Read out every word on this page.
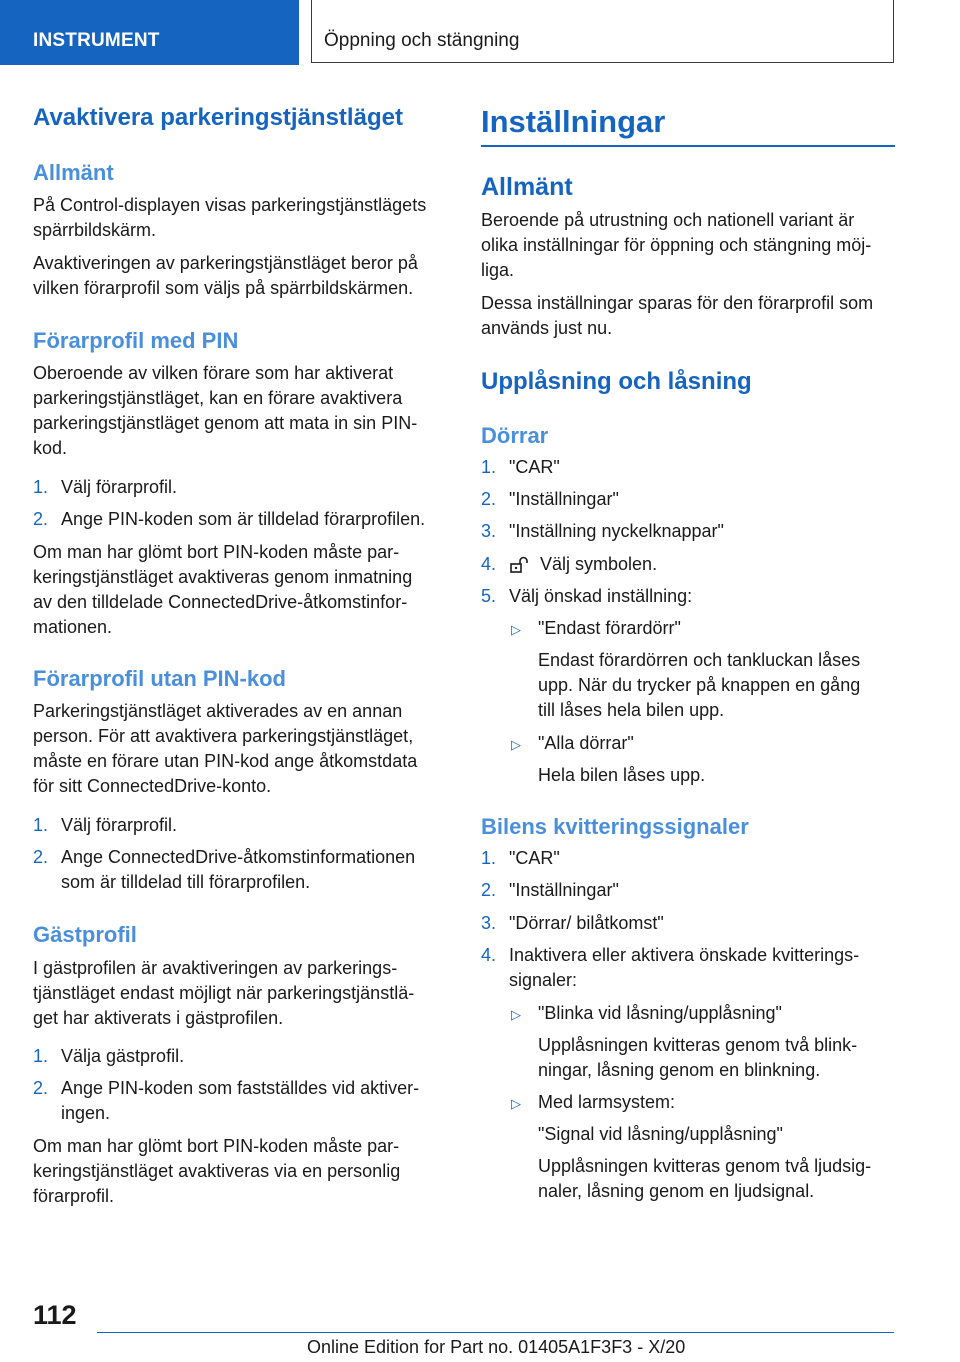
INSTRUMENT	Öppning och stängning
Avaktivera parkeringstjänstläget
Allmänt
På Control-displayen visas parkeringstjänstlägets
spärrbildskärm.
Avaktiveringen av parkeringstjänstläget beror på
vilken förarprofil som väljs på spärrbildskärmen.
Förarprofil med PIN
Oberoende av vilken förare som har aktiverat
parkeringstjänstläget, kan en förare avaktivera
parkeringstjänstläget genom att mata in sin PIN-
kod.
1. Välj förarprofil.
2. Ange PIN-koden som är tilldelad förarprofilen.
Om man har glömt bort PIN-koden måste par-
keringstjänstläget avaktiveras genom inmatning
av den tilldelade ConnectedDrive-åtkomstinfor-
mationen.
Förarprofil utan PIN-kod
Parkeringstjänstläget aktiverades av en annan
person. För att avaktivera parkeringstjänstläget,
måste en förare utan PIN-kod ange åtkomstdata
för sitt ConnectedDrive-konto.
1. Välj förarprofil.
2. Ange ConnectedDrive-åtkomstinformationen
som är tilldelad till förarprofilen.
Gästprofil
I gästprofilen är avaktiveringen av parkerings-
tjänstläget endast möjligt när parkeringstjänstlä-
get har aktiverats i gästprofilen.
1. Välja gästprofil.
2. Ange PIN-koden som fastställdes vid aktiver-
ingen.
Om man har glömt bort PIN-koden måste par-
keringstjänstläget avaktiveras via en personlig
förarprofil.
Inställningar
Allmänt
Beroende på utrustning och nationell variant är
olika inställningar för öppning och stängning möj-
liga.
Dessa inställningar sparas för den förarprofil som
används just nu.
Upplåsning och låsning
Dörrar
1. "CAR"
2. "Inställningar"
3. "Inställning nyckelknappar"
4.	Välj symbolen.
5. Välj önskad inställning:
▷ "Endast förardörr"
Endast förardörren och tankluckan låses
upp. När du trycker på knappen en gång
till låses hela bilen upp.
▷ "Alla dörrar"
Hela bilen låses upp.
Bilens kvitteringssignaler
1. "CAR"
2. "Inställningar"
3. "Dörrar/ bilåtkomst"
4. Inaktivera eller aktivera önskade kvitterings-
signaler:
▷ "Blinka vid låsning/upplåsning"
Upplåsningen kvitteras genom två blink-
ningar, låsning genom en blinkning.
▷ Med larmsystem:
"Signal vid låsning/upplåsning"
Upplåsningen kvitteras genom två ljudsig-
naler, låsning genom en ljudsignal.
112
Online Edition for Part no. 01405A1F3F3 - X/20
